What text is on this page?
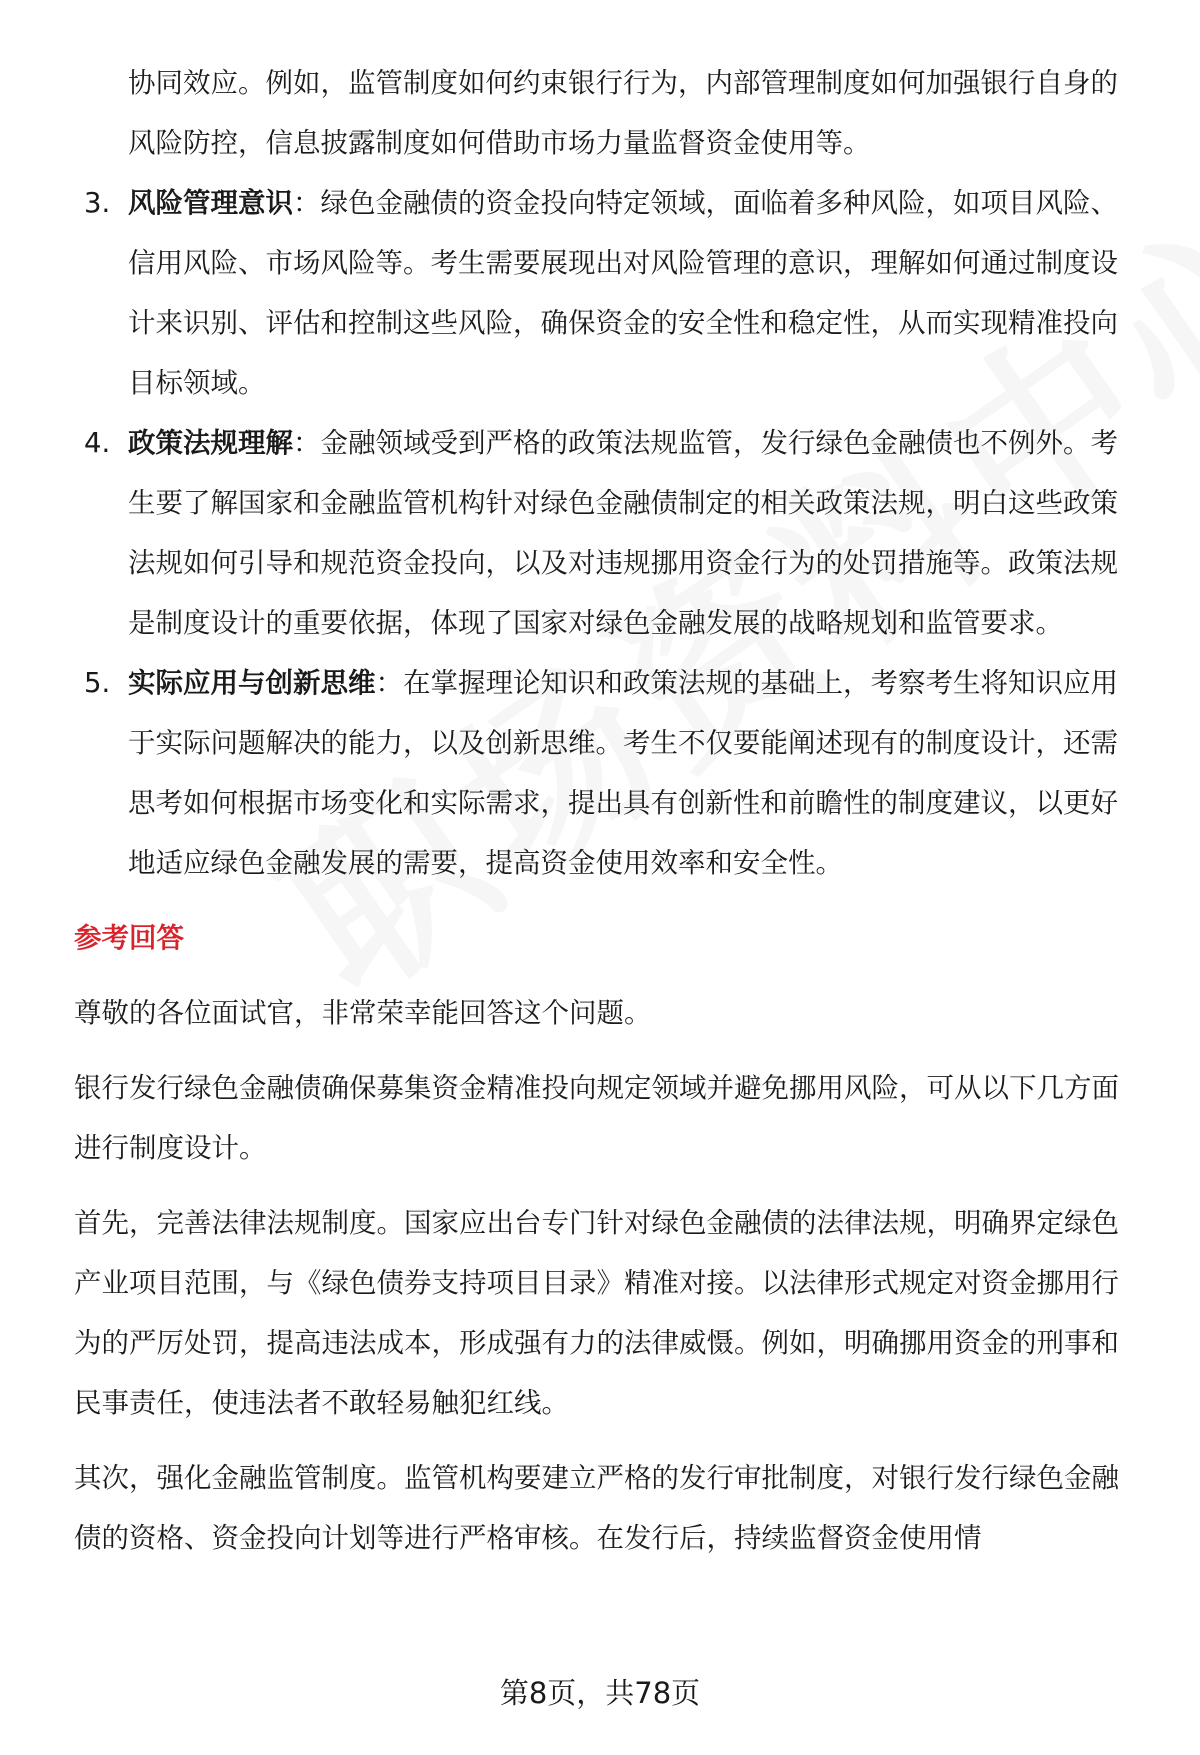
协同效应。例如，监管制度如何约束银行行为，内部管理制度如何加强银行自身的风险防控，信息披露制度如何借助市场力量监督资金使用等。

3. 风险管理意识：绿色金融债的资金投向特定领域，面临着多种风险，如项目风险、信用风险、市场风险等。考生需要展现出对风险管理的意识，理解如何通过制度设计来识别、评估和控制这些风险，确保资金的安全性和稳定性，从而实现精准投向目标领域。
4. 政策法规理解：金融领域受到严格的政策法规监管，发行绿色金融债也不例外。考生要了解国家和金融监管机构针对绿色金融债制定的相关政策法规，明白这些政策法规如何引导和规范资金投向，以及对违规挪用资金行为的处罚措施等。政策法规是制度设计的重要依据，体现了国家对绿色金融发展的战略规划和监管要求。
5. 实际应用与创新思维：在掌握理论知识和政策法规的基础上，考察考生将知识应用于实际问题解决的能力，以及创新思维。考生不仅要能阐述现有的制度设计，还需思考如何根据市场变化和实际需求，提出具有创新性和前瞻性的制度建议，以更好地适应绿色金融发展的需要，提高资金使用效率和安全性。
参考回答

尊敬的各位面试官，非常荣幸能回答这个问题。

银行发行绿色金融债确保募集资金精准投向规定领域并避免挪用风险，可从以下几方面进行制度设计。

首先，完善法律法规制度。国家应出台专门针对绿色金融债的法律法规，明确界定绿色产业项目范围，与《绿色债券支持项目目录》精准对接。以法律形式规定对资金挪用行为的严厉处罚，提高违法成本，形成强有力的法律威慑。例如，明确挪用资金的刑事和民事责任，使违法者不敢轻易触犯红线。

其次，强化金融监管制度。监管机构要建立严格的发行审批制度，对银行发行绿色金融债的资格、资金投向计划等进行严格审核。在发行后，持续监督资金使用情

第8页，共78页
